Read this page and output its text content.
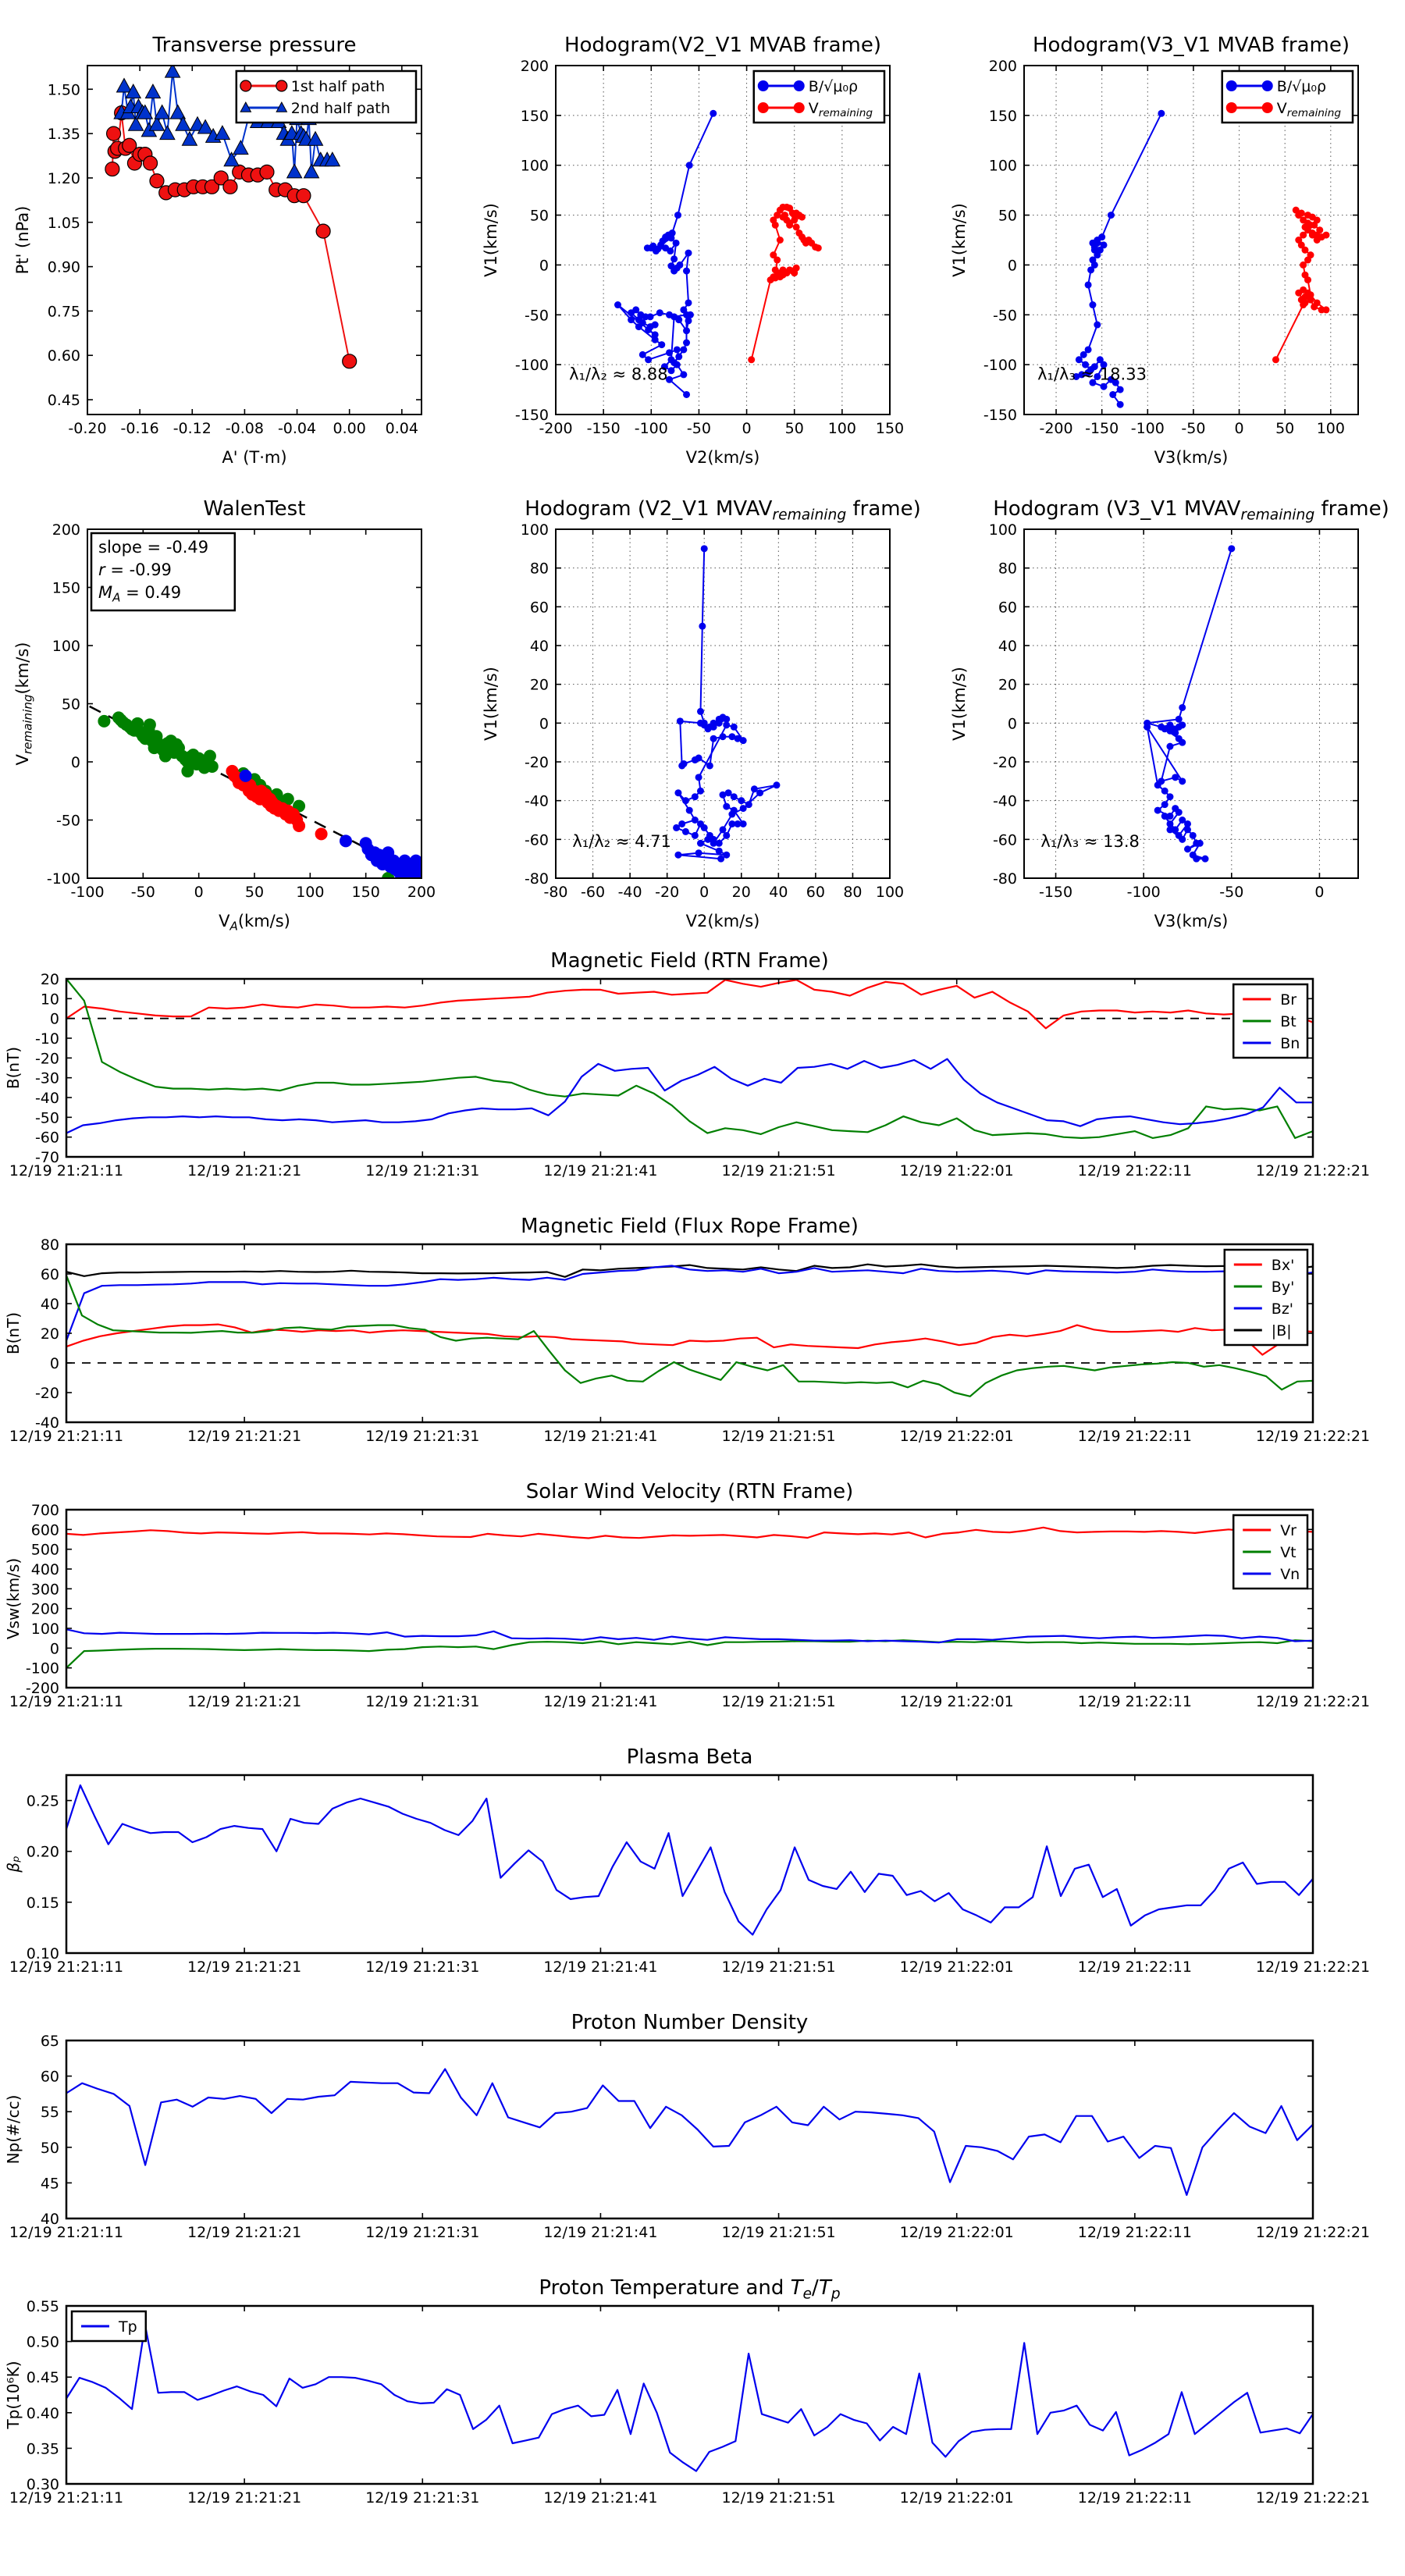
-0.20 -0.16 -0.12 -0.08 -0.04 0.00 0.04
0.45
0.60
0.75
0.90
1.05
1.20
1.35
1.50
Transverse pressure
A' (T·m)
Pt' (nPa)
1st half path
2nd half path
-200 -150 -100 -50 0 50 100 150
-150
-100
-50
0
50
100
150
200
Hodogram(V2_V1 MVAB frame)
V2(km/s)
V1(km/s)
λ₁/λ₂ ≈ 8.88
B/√μ₀ρ
$V_{remaining}$
-200 -150 -100 -50 0 50 100
-150
-100
-50
0
50
100
150
200
Hodogram(V3_V1 MVAB frame)
V3(km/s)
V1(km/s)
λ₁/λ₃ ≈ 18.33
B/√μ₀ρ
$V_{remaining}$
-100 -50	0	50 100 150 200
-100
-50
0
50
100
150
200
WalenTest
$V_A(km/s)$
$V_{remaining}(km/s)$
slope = -0.49
r = -0.99
$M_A = 0.49$
-80 -60 -40 -20 0 20 40 60 80 100
-80
-60
-40
-20
0
20
40
60
80
100
Hodogram (V2_V1 $MVAV_{remaining}$ frame)
V2(km/s)
V1(km/s)
λ₁/λ₂ ≈ 4.71
-150	-100	-50	0
-80
-60
-40
-20
0
20
40
60
80
100
Hodogram (V3_V1 $MVAV_{remaining}$ frame)
V3(km/s)
V1(km/s)
λ₁/λ₃ ≈ 13.8
12/19 21:21:11	12/19 21:21:21	12/19 21:21:31	12/19 21:21:41	12/19 21:21:51	12/19 21:22:01	12/19 21:22:11	12/19 21:22:21
20
10
0
-10
-20
-30
-40
-50
-60
-70
Magnetic Field (RTN Frame)
B(nT)
Br
Bt
Bn
12/19 21:21:11	12/19 21:21:21	12/19 21:21:31	12/19 21:21:41	12/19 21:21:51	12/19 21:22:01	12/19 21:22:11	12/19 21:22:21
80
60
40
20
0
-20
-40
Magnetic Field (Flux Rope Frame)
B(nT)
Bx'
By'
Bz'
|B|
12/19 21:21:11	12/19 21:21:21	12/19 21:21:31	12/19 21:21:41	12/19 21:21:51	12/19 21:22:01	12/19 21:22:11	12/19 21:22:21
700
600
500
400
300
200
100
0
-100
-200
Solar Wind Velocity (RTN Frame)
Vsw(km/s)
Vr
Vt
Vn
12/19 21:21:11	12/19 21:21:21	12/19 21:21:31	12/19 21:21:41	12/19 21:21:51	12/19 21:22:01	12/19 21:22:11	12/19 21:22:21
0.25
0.20
0.15
0.10
Plasma Beta
βₚ
12/19 21:21:11	12/19 21:21:21	12/19 21:21:31	12/19 21:21:41	12/19 21:21:51	12/19 21:22:01	12/19 21:22:11	12/19 21:22:21
65
60
55
50
45
40
Proton Number Density
Np(#/cc)
12/19 21:21:11	12/19 21:21:21	12/19 21:21:31	12/19 21:21:41	12/19 21:21:51	12/19 21:22:01	12/19 21:22:11	12/19 21:22:21
0.55
0.50
0.45
0.40
0.35
0.30
Proton Temperature and $T_e/T_p$
Tp(10⁶K)
Tp
